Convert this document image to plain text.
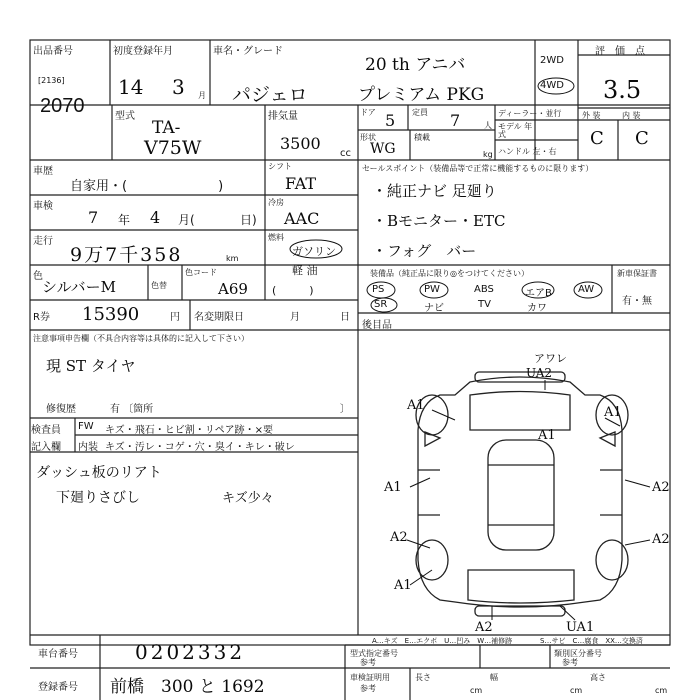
出品番号
[2136]
2070
初度登録年月
14 3 月
車名・グレード
20 th アニバ
パジェロ	プレミアム PKG
2WD
4WD
評　価　点
3.5
型式
TA-
V75W
排気量
3500
cc
ドア 5 定員 7	人
ディーラー・並行
モデル 年式
ハンドル 左・右
形状
WG
積載
kg
外 装	内 装
C C
車歴
自家用・(　　　　　　　)
シフト
FAT
車検
7 年 4 月(	日)
冷房
AAC
走行
9万7千358	km
燃料
ガソリン
軽 油
色
シルバーM	色替
色コード
A69 (　　　)
R券 15390	円 名変期限日	月	日
セールスポイント（装備品等で正常に機能するものに限ります）
・純正ナビ 足廻り
・Bモニター・ETC
・フォグ　バー
装備品（純正品に限り◎をつけてください）
PS	PW	ABS	エアB	AW
SR	ナビ	TV	カワ
新車保証書
有・無
後目品
注意事項申告欄（不具合内容等は具体的に記入して下さい）
現 ST タイヤ
修復歴	有 〔箇所	〕
検査員
記入欄
FW キズ・飛石・ヒビ割・リペア跡・×要
内装 キズ・汚レ・コゲ・穴・臭イ・キレ・破レ
ダッシュ板のリアト
下廻りさびし	キズ少々
アワレ
UA2
A1	A1
A1
A1	A2
A2	A2
A1
A2	UA1
A…キズ　E…エクボ　U…凹み　W…補修跡	S…サビ　C…腐食　XX…交換済
車台番号	0202332
登録番号 前橋　300 と 1692
型式指定番号
参考
類別区分番号
参考
車検証明用
参考
長さ
cm
幅
cm
高さ
cm
